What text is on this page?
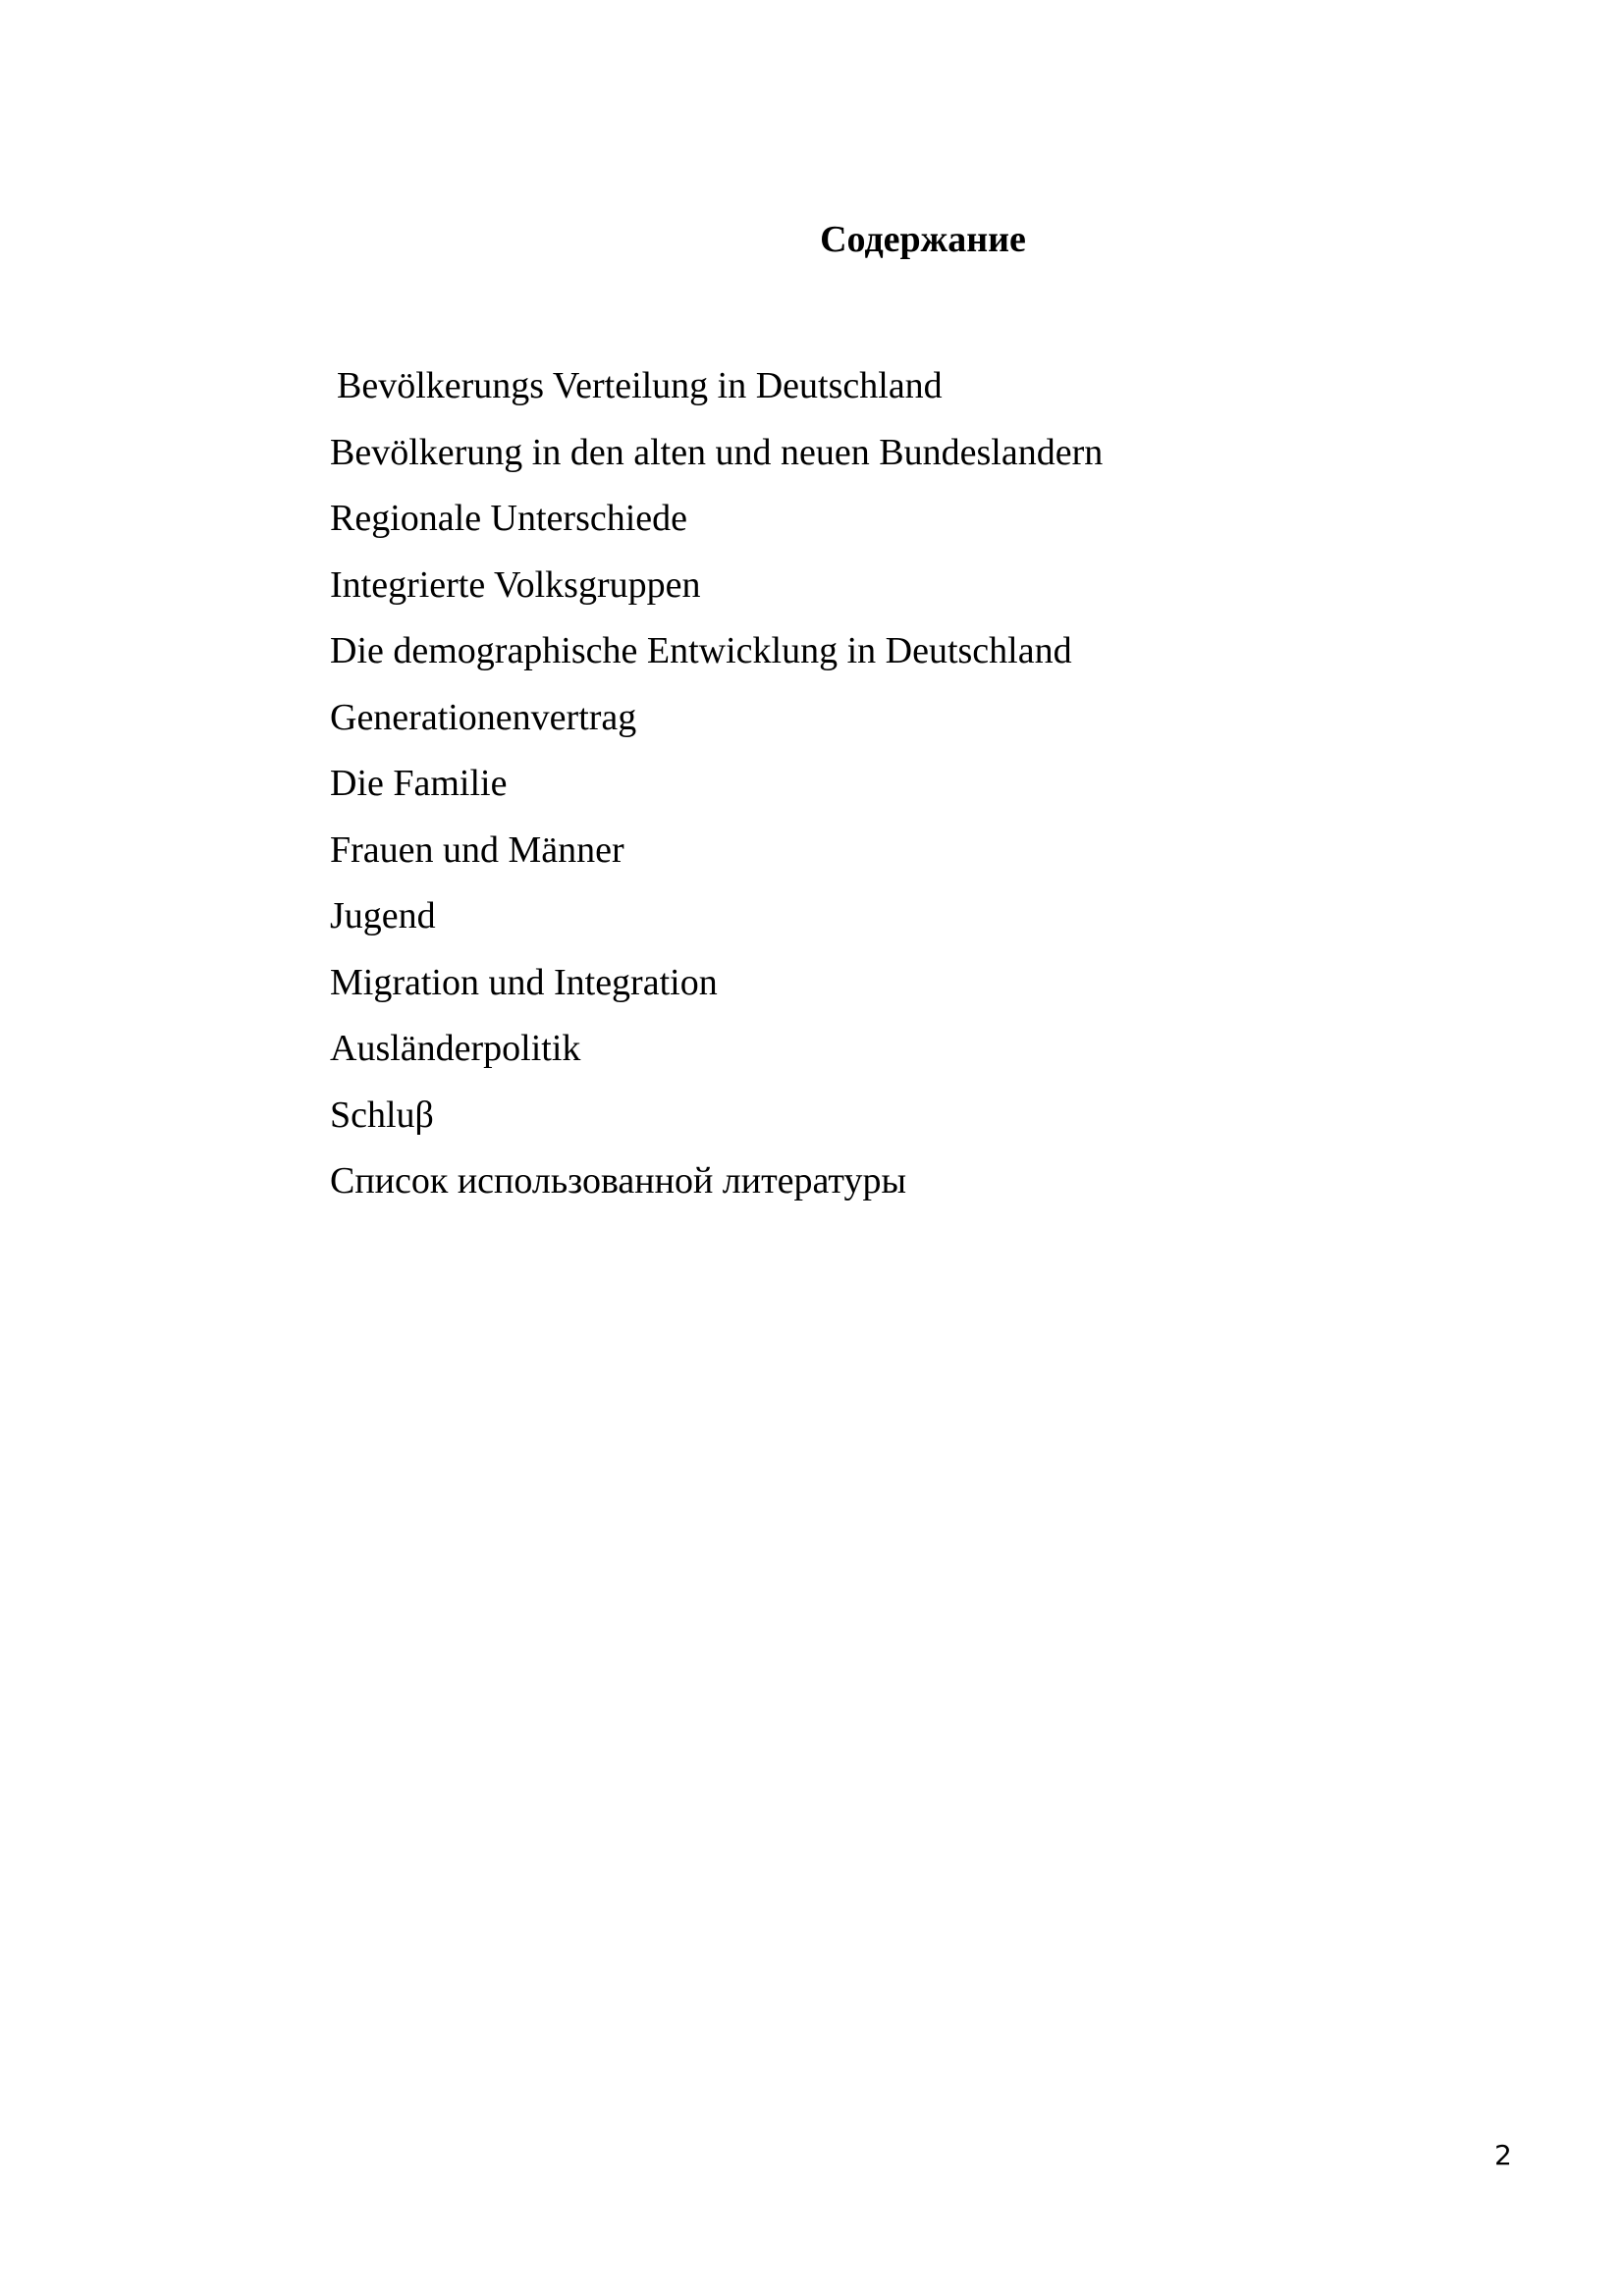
Содержание
Bevölkerungs Verteilung in Deutschland
Bevölkerung in den alten und neuen Bundeslandern
Regionale Unterschiede
Integrierte Volksgruppen
Die demographische Entwicklung in Deutschland
Generationenvertrag
Die Familie
Frauen und Männer
Jugend
Migration und Integration
Ausländerpolitik
Schluβ
Список использованной литературы
2
